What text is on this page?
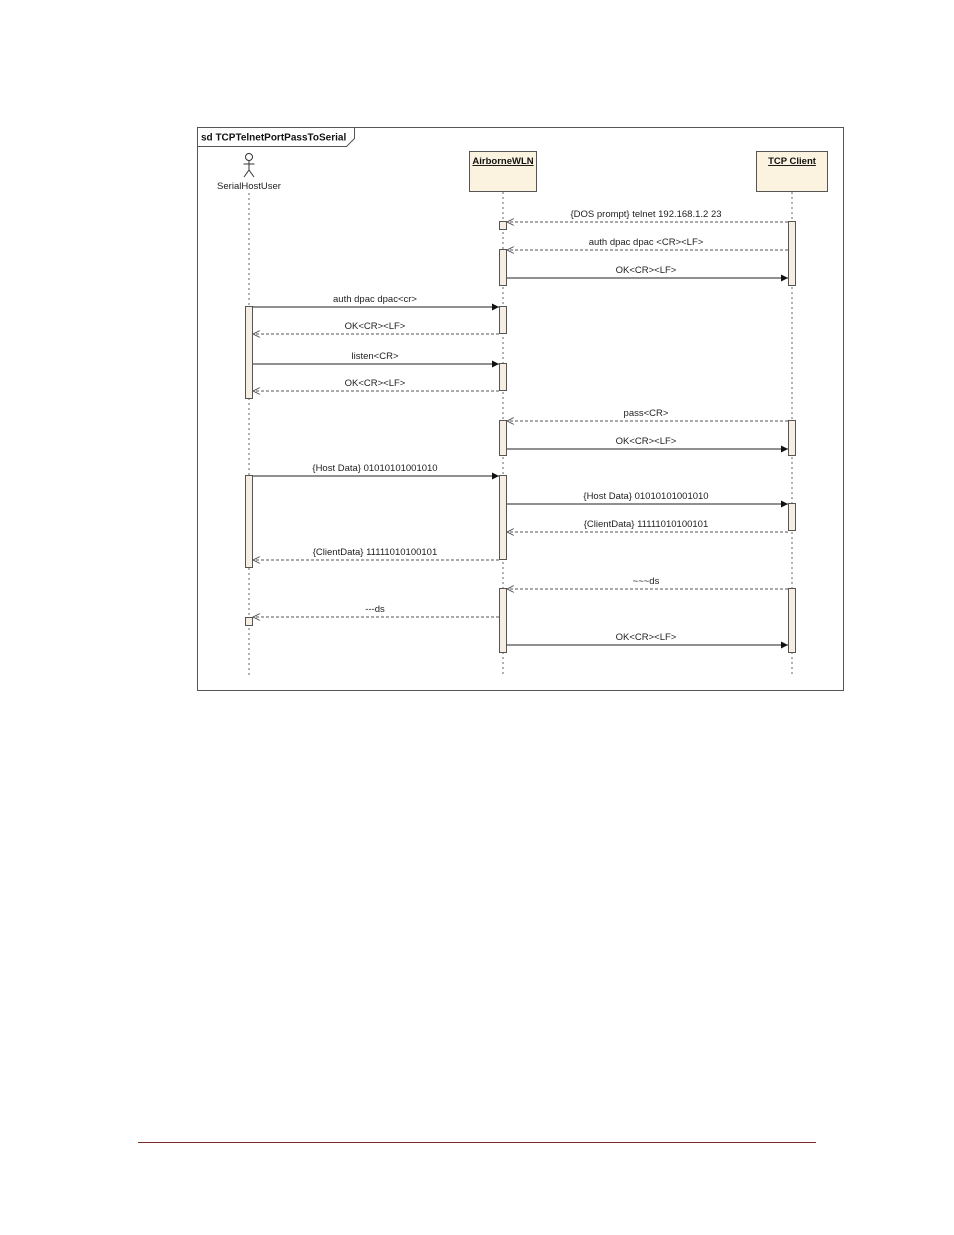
sd TCPTelnetPortPassToSerial
SerialHostUser
AirborneWLN	TCP Client
{DOS prompt} telnet 192.168.1.2 23
auth dpac dpac <CR><LF>
OK<CR><LF>
auth dpac dpac<cr>
OK<CR><LF>
listen<CR>
OK<CR><LF>
pass<CR>
OK<CR><LF>
{Host Data} 01010101001010
{Host Data} 01010101001010
{ClientData} 11111010100101
{ClientData} 11111010100101
~~~ds
---ds
OK<CR><LF>
